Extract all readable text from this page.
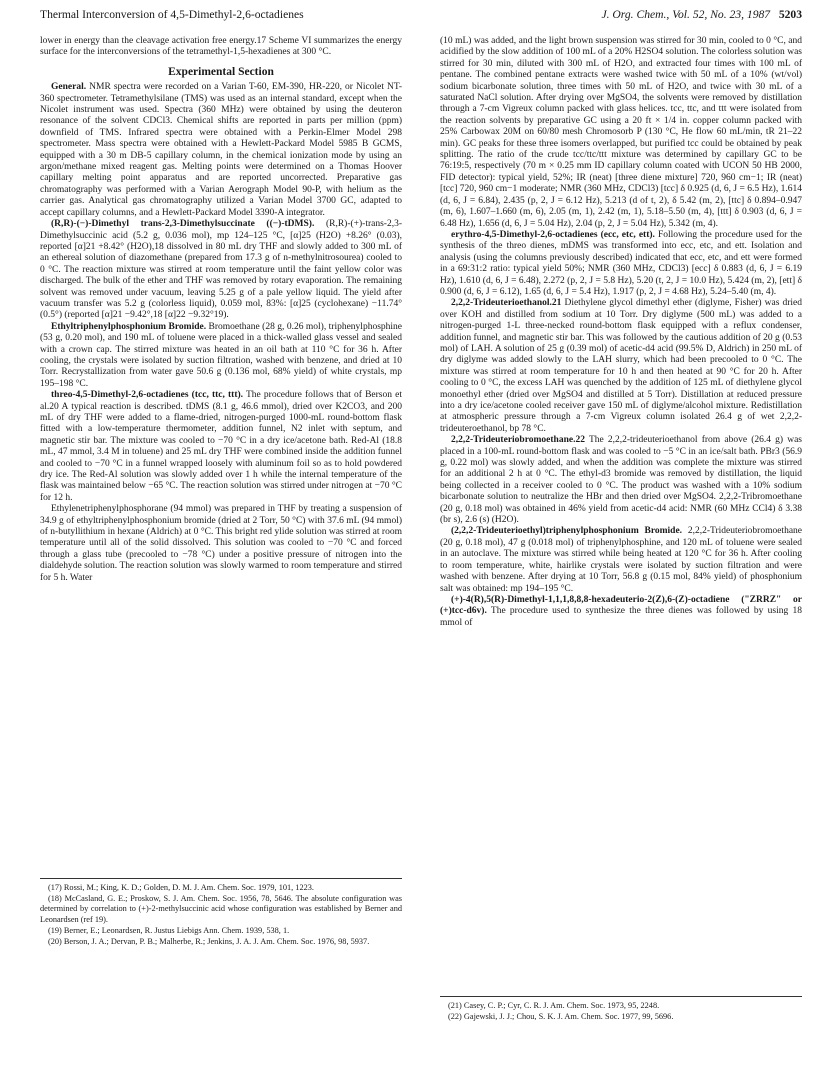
Thermal Interconversion of 4,5-Dimethyl-2,6-octadienes	J. Org. Chem., Vol. 52, No. 23, 1987 5203

lower in energy than the cleavage activation free energy.17 Scheme VI summarizes the energy surface for the interconversions of the tetramethyl-1,5-hexadienes at 300 °C.

Experimental Section

General. NMR spectra were recorded on a Varian T-60, EM-390, HR-220, or Nicolet NT-360 spectrometer. Tetramethylsilane (TMS) was used as an internal standard, except when the Nicolet instrument was used. Spectra (360 MHz) were obtained by using the deuteron resonance of the solvent CDCl3. Chemical shifts are reported in parts per million (ppm) downfield of TMS. Infrared spectra were obtained with a Perkin-Elmer Model 298 spectrometer. Mass spectra were obtained with a Hewlett-Packard Model 5985 B GCMS, equipped with a 30 m DB-5 capillary column, in the chemical ionization mode by using an argon/methane mixed reagent gas. Melting points were determined on a Thomas Hoover capillary melting point apparatus and are reported uncorrected. Preparative gas chromatography was performed with a Varian Aerograph Model 90-P, with helium as the carrier gas. Analytical gas chromatography utilized a Varian Model 3700 GC, adapted to accept capillary columns, and a Hewlett-Packard Model 3390-A integrator.

(R,R)-(−)-Dimethyl trans-2,3-Dimethylsuccinate ((−)-tDMS). (R,R)-(+)-trans-2,3-Dimethylsuccinic acid (5.2 g, 0.036 mol), mp 124–125 °C, [α]25 (H2O) +8.26° (0.03), reported [α]21 +8.42° (H2O),18 dissolved in 80 mL dry THF and slowly added to 300 mL of an ethereal solution of diazomethane (prepared from 17.3 g of n-methylnitrosourea) cooled to 0 °C. The reaction mixture was stirred at room temperature until the faint yellow color was discharged. The bulk of the ether and THF was removed by rotary evaporation. The remaining solvent was removed under vacuum, leaving 5.25 g of a pale yellow liquid. The yield after vacuum transfer was 5.2 g (colorless liquid), 0.059 mol, 83%: [α]25 (cyclohexane) −11.74° (0.5°) (reported [α]21 −9.42°,18 [α]22 −9.32°19).

Ethyltriphenylphosphonium Bromide. Bromoethane (28 g, 0.26 mol), triphenylphosphine (53 g, 0.20 mol), and 190 mL of toluene were placed in a thick-walled glass vessel and sealed with a crown cap. The stirred mixture was heated in an oil bath at 110 °C for 36 h. After cooling, the crystals were isolated by suction filtration, washed with benzene, and dried at 10 Torr. Recrystallization from water gave 50.6 g (0.136 mol, 68% yield) of white crystals, mp 195–198 °C.

threo-4,5-Dimethyl-2,6-octadienes (tcc, ttc, ttt). The procedure follows that of Berson et al.20 A typical reaction is described. tDMS (8.1 g, 46.6 mmol), dried over K2CO3, and 200 mL of dry THF were added to a flame-dried, nitrogen-purged 1000-mL round-bottom flask fitted with a low-temperature thermometer, addition funnel, N2 inlet with septum, and magnetic stir bar. The mixture was cooled to −70 °C in a dry ice/acetone bath. Red-Al (18.8 mL, 47 mmol, 3.4 M in toluene) and 25 mL dry THF were combined inside the addition funnel and cooled to −70 °C in a funnel wrapped loosely with aluminum foil so as to hold powdered dry ice. The Red-Al solution was slowly added over 1 h while the internal temperature of the flask was maintained below −65 °C. The reaction solution was stirred under nitrogen at −70 °C for 12 h.

Ethylenetriphenylphosphorane (94 mmol) was prepared in THF by treating a suspension of 34.9 g of ethyltriphenylphosphonium bromide (dried at 2 Torr, 50 °C) with 37.6 mL (94 mmol) of n-butyllithium in hexane (Aldrich) at 0 °C. This bright red ylide solution was stirred at room temperature until all of the solid dissolved. This solution was cooled to −70 °C and forced through a glass tube (precooled to −78 °C) under a positive pressure of nitrogen into the dialdehyde solution. The reaction solution was slowly warmed to room temperature and stirred for 5 h. Water

(17) Rossi, M.; King, K. D.; Golden, D. M. J. Am. Chem. Soc. 1979, 101, 1223.

(18) McCasland, G. E.; Proskow, S. J. Am. Chem. Soc. 1956, 78, 5646. The absolute configuration was determined by correlation to (+)-2-methylsuccinic acid whose configuration was established by Berner and Leonardsen (ref 19).

(19) Berner, E.; Leonardsen, R. Justus Liebigs Ann. Chem. 1939, 538, 1.

(20) Berson, J. A.; Dervan, P. B.; Malherbe, R.; Jenkins, J. A. J. Am. Chem. Soc. 1976, 98, 5937.

(10 mL) was added, and the light brown suspension was stirred for 30 min, cooled to 0 °C, and acidified by the slow addition of 100 mL of a 20% H2SO4 solution. The colorless solution was stirred for 30 min, diluted with 300 mL of H2O, and extracted four times with 100 mL of pentane. The combined pentane extracts were washed twice with 50 mL of a 10% (wt/vol) sodium bicarbonate solution, three times with 50 mL of H2O, and twice with 30 mL of a saturated NaCl solution. After drying over MgSO4, the solvents were removed by distillation through a 7-cm Vigreux column packed with glass helices. tcc, ttc, and ttt were isolated from the reaction solvents by preparative GC using a 20 ft × 1/4 in. copper column packed with 25% Carbowax 20M on 60/80 mesh Chromosorb P (130 °C, He flow 60 mL/min, tR 21–22 min). GC peaks for these three isomers overlapped, but purified tcc could be obtained by peak splitting. The ratio of the crude tcc/ttc/ttt mixture was determined by capillary GC to be 76:19:5, respectively (70 m × 0.25 mm ID capillary column coated with UCON 50 HB 2000, FID detector): typical yield, 52%; IR (neat) [three diene mixture] 720, 960 cm−1; IR (neat) [tcc] 720, 960 cm−1 moderate; NMR (360 MHz, CDCl3) [tcc] δ 0.925 (d, 6, J = 6.5 Hz), 1.614 (d, 6, J = 6.84), 2.435 (p, 2, J = 6.12 Hz), 5.213 (d of t, 2), δ 5.42 (m, 2), [ttc] δ 0.894–0.947 (m, 6), 1.607–1.660 (m, 6), 2.05 (m, 1), 2.42 (m, 1), 5.18–5.50 (m, 4), [ttt] δ 0.903 (d, 6, J = 6.48 Hz), 1.656 (d, 6, J = 5.04 Hz), 2.04 (p, 2, J = 5.04 Hz), 5.342 (m, 4).

erythro-4,5-Dimethyl-2,6-octadienes (ecc, etc, ett). Following the procedure used for the synthesis of the threo dienes, mDMS was transformed into ecc, etc, and ett. Isolation and analysis (using the columns previously described) indicated that ecc, etc, and ett were formed in a 69:31:2 ratio: typical yield 50%; NMR (360 MHz, CDCl3) [ecc] δ 0.883 (d, 6, J = 6.19 Hz), 1.610 (d, 6, J = 6.48), 2.272 (p, 2, J = 5.8 Hz), 5.20 (t, 2, J = 10.0 Hz), 5.424 (m, 2), [ett] δ 0.900 (d, 6, J = 6.12), 1.65 (d, 6, J = 5.4 Hz), 1.917 (p, 2, J = 4.68 Hz), 5.24–5.40 (m, 4).

2,2,2-Trideuterioethanol.21 Diethylene glycol dimethyl ether (diglyme, Fisher) was dried over KOH and distilled from sodium at 10 Torr. Dry diglyme (500 mL) was added to a nitrogen-purged 1-L three-necked round-bottom flask equipped with a reflux condenser, addition funnel, and magnetic stir bar. This was followed by the cautious addition of 20 g (0.53 mol) of LAH. A solution of 25 g (0.39 mol) of acetic-d4 acid (99.5% D, Aldrich) in 250 mL of dry diglyme was added slowly to the LAH slurry, which had been precooled to 0 °C. The mixture was stirred at room temperature for 10 h and then heated at 90 °C for 20 h. After cooling to 0 °C, the excess LAH was quenched by the addition of 125 mL of diethylene glycol monoethyl ether (dried over MgSO4 and distilled at 5 Torr). Distillation at reduced pressure into a dry ice/acetone cooled receiver gave 150 mL of diglyme/alcohol mixture. Redistillation at atmospheric pressure through a 7-cm Vigreux column isolated 26.4 g of wet 2,2,2-trideuteroethanol, bp 78 °C.

2,2,2-Trideuteriobromoethane.22 The 2,2,2-trideuterioethanol from above (26.4 g) was placed in a 100-mL round-bottom flask and was cooled to −5 °C in an ice/salt bath. PBr3 (56.9 g, 0.22 mol) was slowly added, and when the addition was complete the mixture was stirred for an additional 2 h at 0 °C. The ethyl-d3 bromide was removed by distillation, the liquid being collected in a receiver cooled to 0 °C. The product was washed with a 10% sodium bicarbonate solution to neutralize the HBr and then dried over MgSO4. 2,2,2-Tribromoethane (20 g, 0.18 mol) was obtained in 46% yield from acetic-d4 acid: NMR (60 MHz CCl4) δ 3.38 (br s), 2.6 (s) (H2O).

(2,2,2-Trideuterioethyl)triphenylphosphonium Bromide. 2,2,2-Trideuteriobromoethane (20 g, 0.18 mol), 47 g (0.018 mol) of triphenylphosphine, and 120 mL of toluene were sealed in an autoclave. The mixture was stirred while being heated at 120 °C for 36 h. After cooling to room temperature, white, hairlike crystals were isolated by suction filtration and were washed with benzene. After drying at 10 Torr, 56.8 g (0.15 mol, 84% yield) of phosphonium salt was obtained: mp 194–195 °C.

(+)-4(R),5(R)-Dimethyl-1,1,1,8,8,8-hexadeuterio-2(Z),6-(Z)-octadiene ("ZRRZ" or (+)tcc-d6v). The procedure used to synthesize the three dienes was followed by using 18 mmol of

(21) Casey, C. P.; Cyr, C. R. J. Am. Chem. Soc. 1973, 95, 2248.

(22) Gajewski, J. J.; Chou, S. K. J. Am. Chem. Soc. 1977, 99, 5696.
